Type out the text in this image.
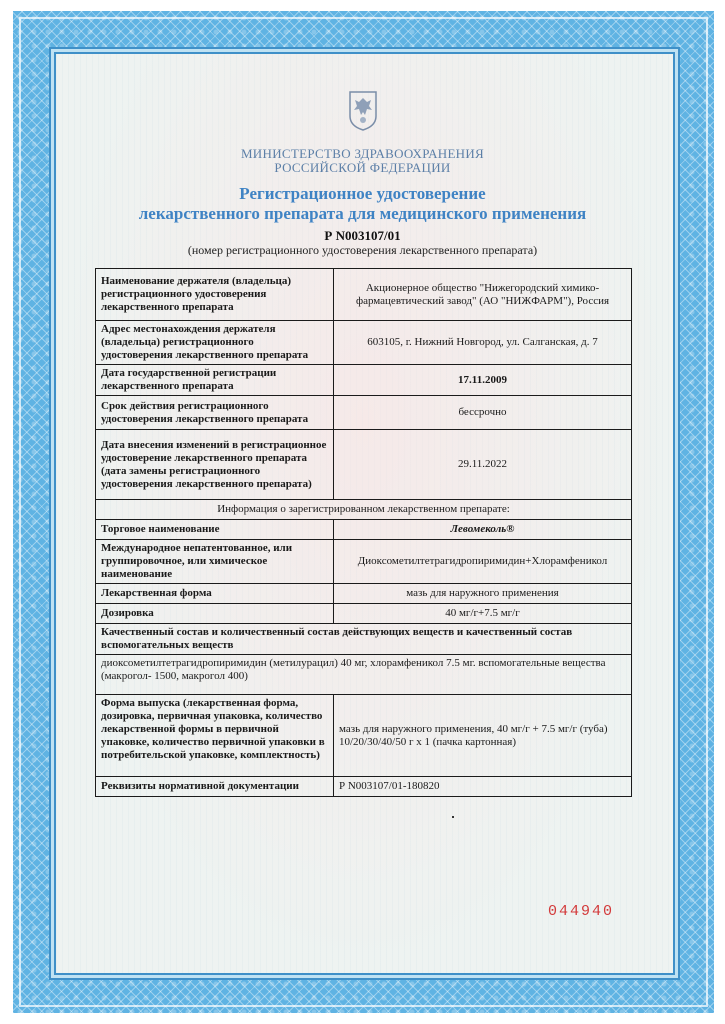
МИНИСТЕРСТВО ЗДРАВООХРАНЕНИЯ
РОССИЙСКОЙ ФЕДЕРАЦИИ
Регистрационное удостоверение
лекарственного препарата для медицинского применения
Р N003107/01
(номер регистрационного удостоверения лекарственного препарата)
Наименование держателя (владельца) регистрационного удостоверения лекарственного препарата	Акционерное общество "Нижегородский химико-фармацевтический завод" (АО "НИЖФАРМ"), Россия
Адрес местонахождения держателя (владельца) регистрационного удостоверения лекарственного препарата	603105, г. Нижний Новгород, ул. Салганская, д. 7
Дата государственной регистрации лекарственного препарата	17.11.2009
Срок действия регистрационного удостоверения лекарственного препарата	бессрочно
Дата внесения изменений в регистрационное удостоверение лекарственного препарата (дата замены регистрационного удостоверения лекарственного препарата)	29.11.2022
Информация о зарегистрированном лекарственном препарате:	
Торговое наименование	Левомеколь®
Международное непатентованное, или группировочное, или химическое наименование	Диоксометилтетрагидропиримидин+Хлорамфеникол
Лекарственная форма	мазь для наружного применения
Дозировка	40 мг/г+7.5 мг/г
Качественный состав и количественный состав действующих веществ и качественный состав вспомогательных веществ	
диоксометилтетрагидропиримидин (метилурацил) 40 мг, хлорамфеникол 7.5 мг. вспомогательные вещества (макрогол- 1500, макрогол 400)	
Форма выпуска (лекарственная форма, дозировка, первичная упаковка, количество лекарственной формы в первичной упаковке, количество первичной упаковки в потребительской упаковке, комплектность)	мазь для наружного применения, 40 мг/г + 7.5 мг/г (туба) 10/20/30/40/50 г х 1 (пачка картонная)
Реквизиты нормативной документации	Р N003107/01-180820
044940
